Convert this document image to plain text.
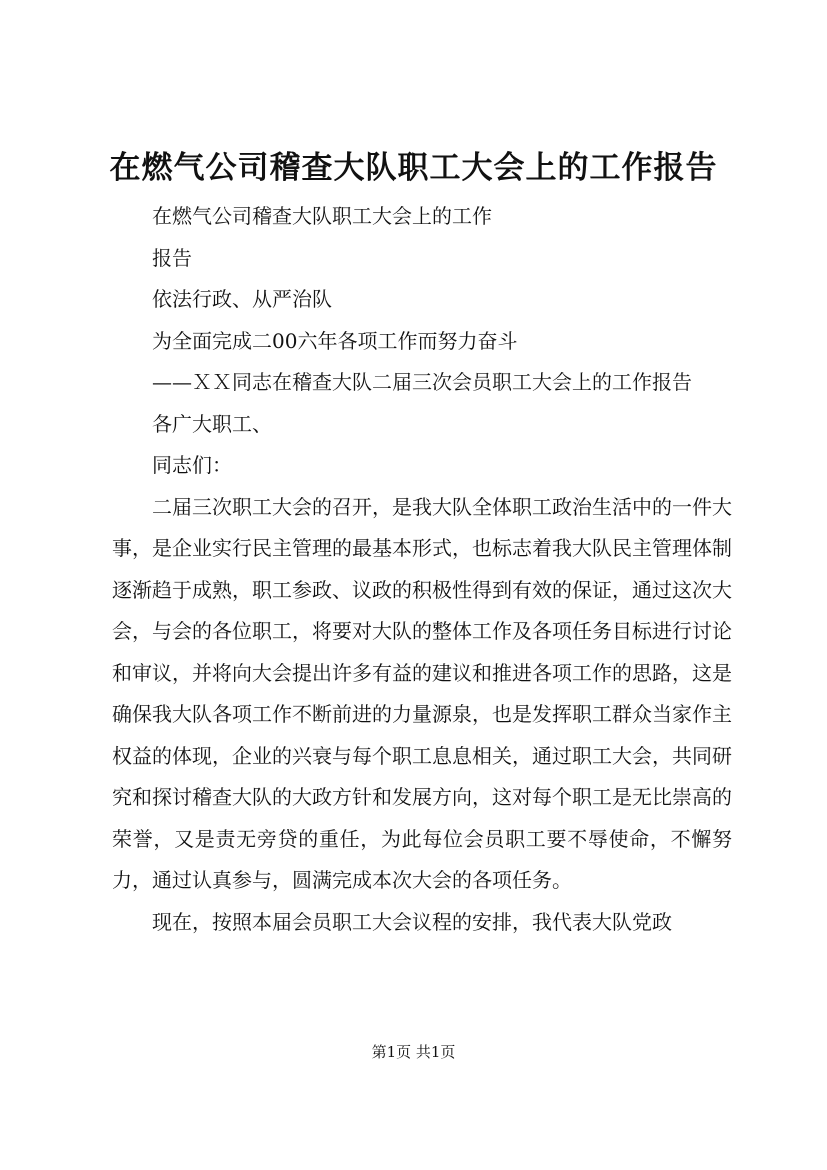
在燃气公司稽查大队职工大会上的工作报告

在燃气公司稽查大队职工大会上的工作

报告

依法行政、从严治队

为全面完成二00六年各项工作而努力奋斗

——ＸＸ同志在稽查大队二届三次会员职工大会上的工作报告

各广大职工、

同志们：

二届三次职工大会的召开，是我大队全体职工政治生活中的一件大事，是企业实行民主管理的最基本形式，也标志着我大队民主管理体制逐渐趋于成熟，职工参政、议政的积极性得到有效的保证，通过这次大会，与会的各位职工，将要对大队的整体工作及各项任务目标进行讨论和审议，并将向大会提出许多有益的建议和推进各项工作的思路，这是确保我大队各项工作不断前进的力量源泉，也是发挥职工群众当家作主权益的体现，企业的兴衰与每个职工息息相关，通过职工大会，共同研究和探讨稽查大队的大政方针和发展方向，这对每个职工是无比崇高的荣誉，又是责无旁贷的重任，为此每位会员职工要不辱使命，不懈努力，通过认真参与，圆满完成本次大会的各项任务。

现在，按照本届会员职工大会议程的安排，我代表大队党政

第1页 共1页
